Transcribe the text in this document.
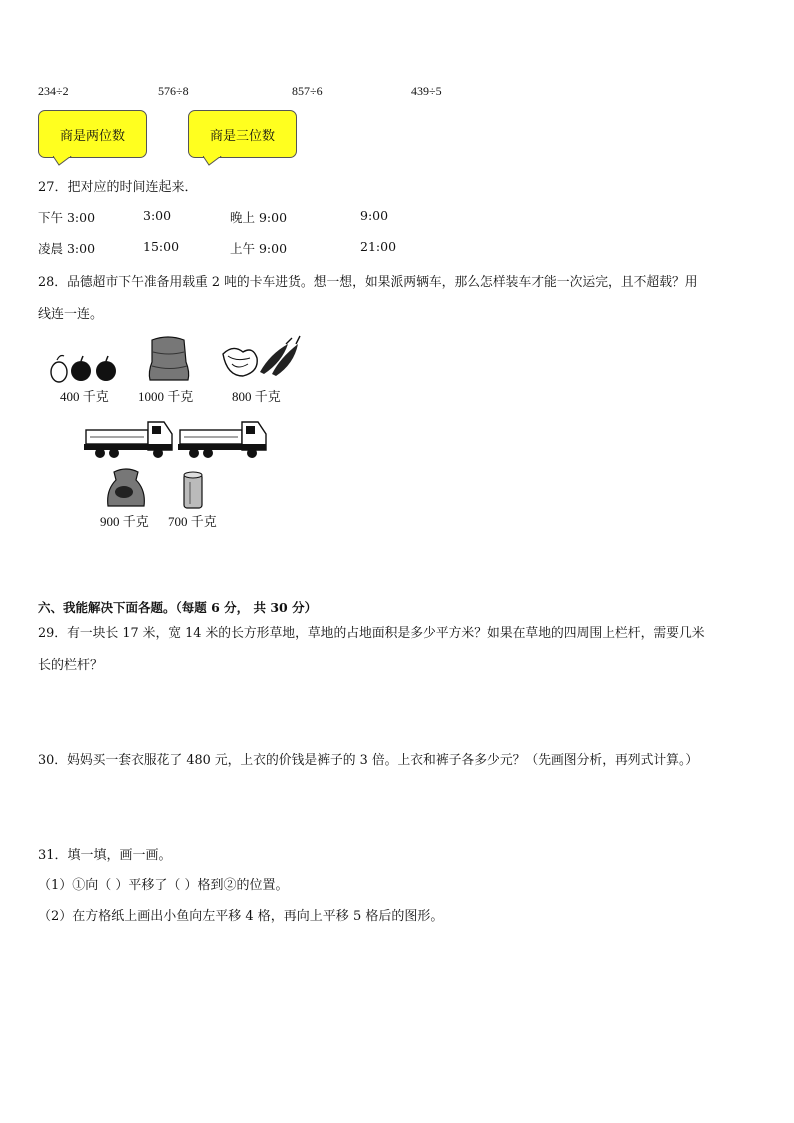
234÷2	576÷8	857÷6	439÷5
商是两位数	商是三位数
27．把对应的时间连起来．
下午 3:00	3:00	晚上 9:00	9:00
凌晨 3:00	15:00	上午 9:00	21:00
28．品德超市下午准备用载重 2 吨的卡车进货。想一想，如果派两辆车，那么怎样装车才能一次运完，且不超载？用
线连一连。
400 千克 1000 千克	800 千克
900 千克 700 千克
六、我能解决下面各题。（每题 6 分， 共 30 分）
29．有一块长 17 米，宽 14 米的长方形草地，草地的占地面积是多少平方米？如果在草地的四周围上栏杆，需要几米
长的栏杆？
30．妈妈买一套衣服花了 480 元，上衣的价钱是裤子的 3 倍。上衣和裤子各多少元？（先画图分析，再列式计算。）
31．填一填，画一画。
（1）①向（ ）平移了（ ）格到②的位置。
（2）在方格纸上画出小鱼向左平移 4 格，再向上平移 5 格后的图形。
